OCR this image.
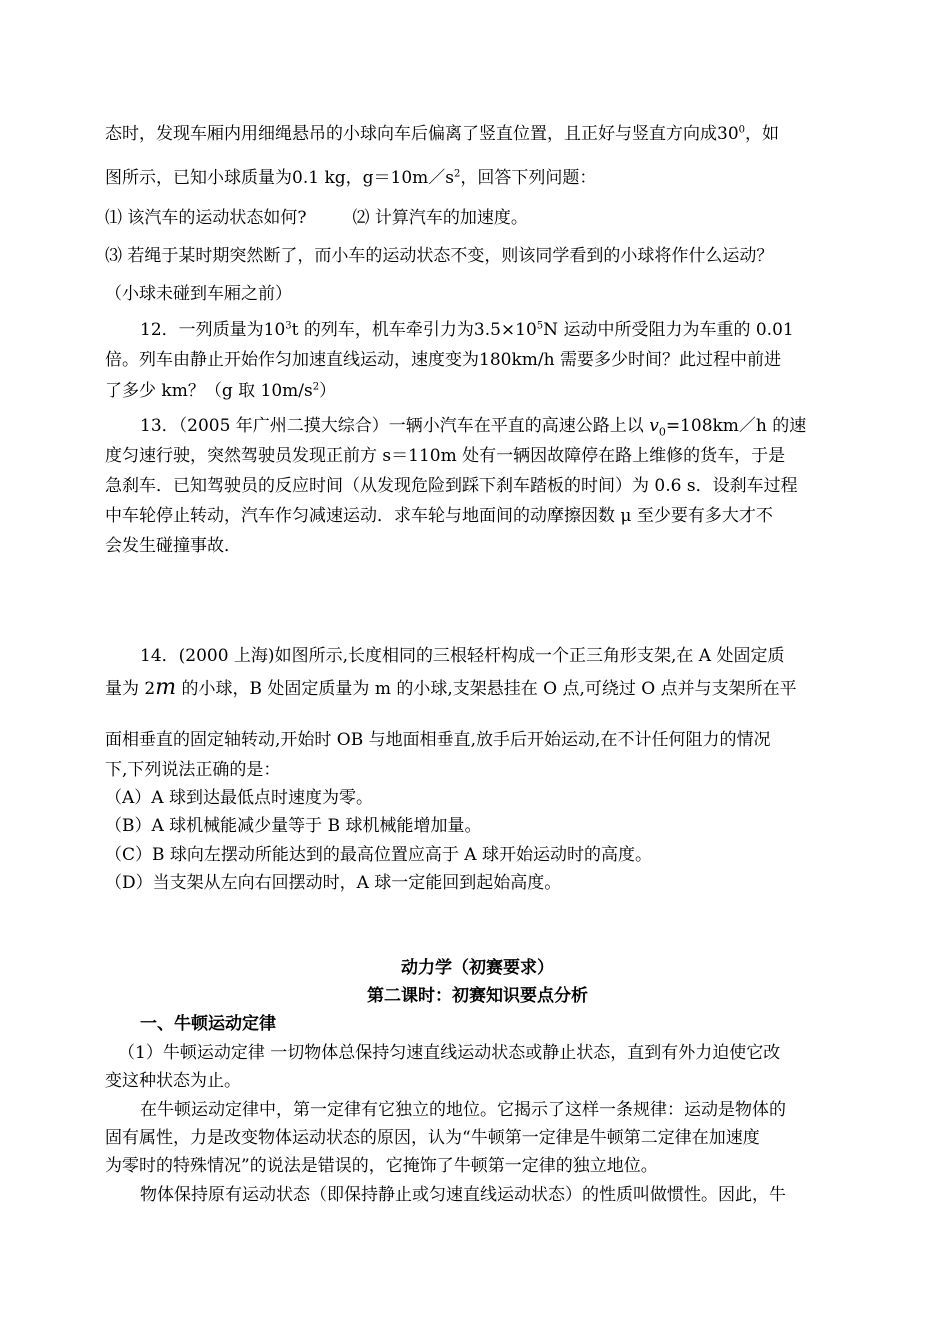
态时，发现车厢内用细绳悬吊的小球向车后偏离了竖直位置，且正好与竖直方向成$30^0$，如
图所示，已知小球质量为0.1 kg，$g=10m/s^2$，回答下列问题：
⑴ 该汽车的运动状态如何?	⑵ 计算汽车的加速度。
⑶ 若绳于某时期突然断了，而小车的运动状态不变，则该同学看到的小球将作什么运动？
（小球未碰到车厢之前）
12．一列质量为$10^3t$ 的列车，机车牵引力为$3.5\times 10^5N$ 运动中所受阻力为车重的 0.01
倍。列车由静止开始作匀加速直线运动，速度变为180km/h 需要多少时间？此过程中前进
了多少 km？（g 取 $10m/s^2$）
13．（2005 年广州二摸大综合）一辆小汽车在平直的高速公路上以 $v_0=108km/h$ 的速
度匀速行驶，突然驾驶员发现正前方 s＝110m 处有一辆因故障停在路上维修的货车，于是
急刹车．已知驾驶员的反应时间（从发现危险到踩下刹车踏板的时间）为 0.6 s．设刹车过程
中车轮停止转动，汽车作匀减速运动．求车轮与地面间的动摩擦因数 μ 至少要有多大才不
会发生碰撞事故．
14．(2000 上海)如图所示,长度相同的三根轻杆构成一个正三角形支架,在 A 处固定质
量为 2m 的小球，B 处固定质量为 m 的小球,支架悬挂在 O 点,可绕过 O 点并与支架所在平
面相垂直的固定轴转动,开始时 OB 与地面相垂直,放手后开始运动,在不计任何阻力的情况
下,下列说法正确的是：
（A）A 球到达最低点时速度为零。
（B）A 球机械能减少量等于 B 球机械能增加量。
（C）B 球向左摆动所能达到的最高位置应高于 A 球开始运动时的高度。
（D）当支架从左向右回摆动时，A 球一定能回到起始高度。
动力学（初赛要求）
第二课时：初赛知识要点分析
一、牛顿运动定律
（1）牛顿运动定律 一切物体总保持匀速直线运动状态或静止状态，直到有外力迫使它改
变这种状态为止。
在牛顿运动定律中，第一定律有它独立的地位。它揭示了这样一条规律：运动是物体的
固有属性，力是改变物体运动状态的原因，认为“牛顿第一定律是牛顿第二定律在加速度
为零时的特殊情况”的说法是错误的，它掩饰了牛顿第一定律的独立地位。
物体保持原有运动状态（即保持静止或匀速直线运动状态）的性质叫做惯性。因此，牛
